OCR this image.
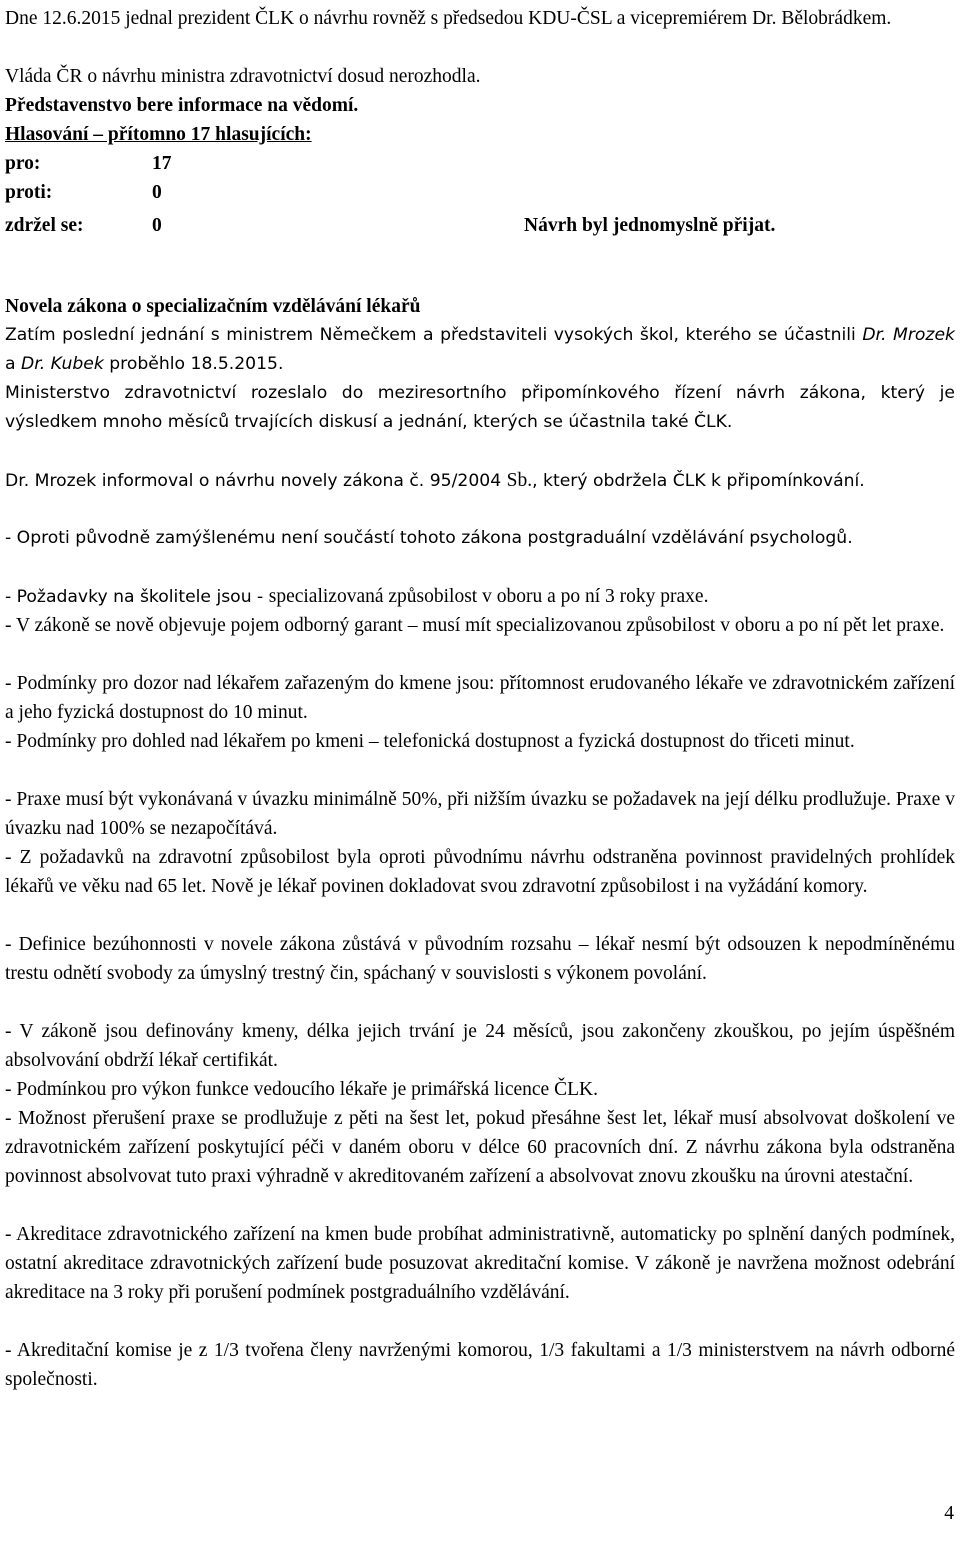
Dne 12.6.2015 jednal prezident ČLK o návrhu rovněž s předsedou KDU-ČSL a vicepremiérem Dr. Bělobrádkem.

Vláda ČR o návrhu ministra zdravotnictví dosud nerozhodla.

Představenstvo bere informace na vědomí.

Hlasování – přítomno 17 hlasujících:

pro:	17
proti:	0
zdržel se:	0	Návrh byl jednomyslně přijat.

Novela zákona o specializačním vzdělávání lékařů

Zatím poslední jednání s ministrem Němečkem a představiteli vysokých škol, kterého se účastnili Dr. Mrozek a Dr. Kubek proběhlo 18.5.2015.

Ministerstvo zdravotnictví rozeslalo do meziresortního připomínkového řízení návrh zákona, který je výsledkem mnoho měsíců trvajících diskusí a jednání, kterých se účastnila také ČLK.

Dr. Mrozek informoval o návrhu novely zákona č. 95/2004 Sb., který obdržela ČLK k připomínkování.

- Oproti původně zamýšlenému není součástí tohoto zákona postgraduální vzdělávání psychologů.

- Požadavky na školitele jsou - specializovaná způsobilost v oboru a po ní 3 roky praxe.

- V zákoně se nově objevuje pojem odborný garant – musí mít specializovanou způsobilost v oboru a po ní pět let praxe.

- Podmínky pro dozor nad lékařem zařazeným do kmene jsou: přítomnost erudovaného lékaře ve zdravotnickém zařízení a jeho fyzická dostupnost do 10 minut.

- Podmínky pro dohled nad lékařem po kmeni – telefonická dostupnost a fyzická dostupnost do třiceti minut.

- Praxe musí být vykonávaná v úvazku minimálně 50%, při nižším úvazku se požadavek na její délku prodlužuje. Praxe v úvazku nad 100% se nezapočítává.

- Z požadavků na zdravotní způsobilost byla oproti původnímu návrhu odstraněna povinnost pravidelných prohlídek lékařů ve věku nad 65 let. Nově je lékař povinen dokladovat svou zdravotní způsobilost i na vyžádání komory.

- Definice bezúhonnosti v novele zákona zůstává v původním rozsahu – lékař nesmí být odsouzen k nepodmíněnému trestu odnětí svobody za úmyslný trestný čin, spáchaný v souvislosti s výkonem povolání.

- V zákoně jsou definovány kmeny, délka jejich trvání je 24 měsíců, jsou zakončeny zkouškou, po jejím úspěšném absolvování obdrží lékař certifikát.

- Podmínkou pro výkon funkce vedoucího lékaře je primářská licence ČLK.

- Možnost přerušení praxe se prodlužuje z pěti na šest let, pokud přesáhne šest let, lékař musí absolvovat doškolení ve zdravotnickém zařízení poskytující péči v daném oboru v délce 60 pracovních dní. Z návrhu zákona byla odstraněna povinnost absolvovat tuto praxi výhradně v akreditovaném zařízení a absolvovat znovu zkoušku na úrovni atestační.

- Akreditace zdravotnického zařízení na kmen bude probíhat administrativně, automaticky po splnění daných podmínek, ostatní akreditace zdravotnických zařízení bude posuzovat akreditační komise. V zákoně je navržena možnost odebrání akreditace na 3 roky při porušení podmínek postgraduálního vzdělávání.

- Akreditační komise je z 1/3 tvořena členy navrženými komorou, 1/3 fakultami a 1/3 ministerstvem na návrh odborné společnosti.

4
